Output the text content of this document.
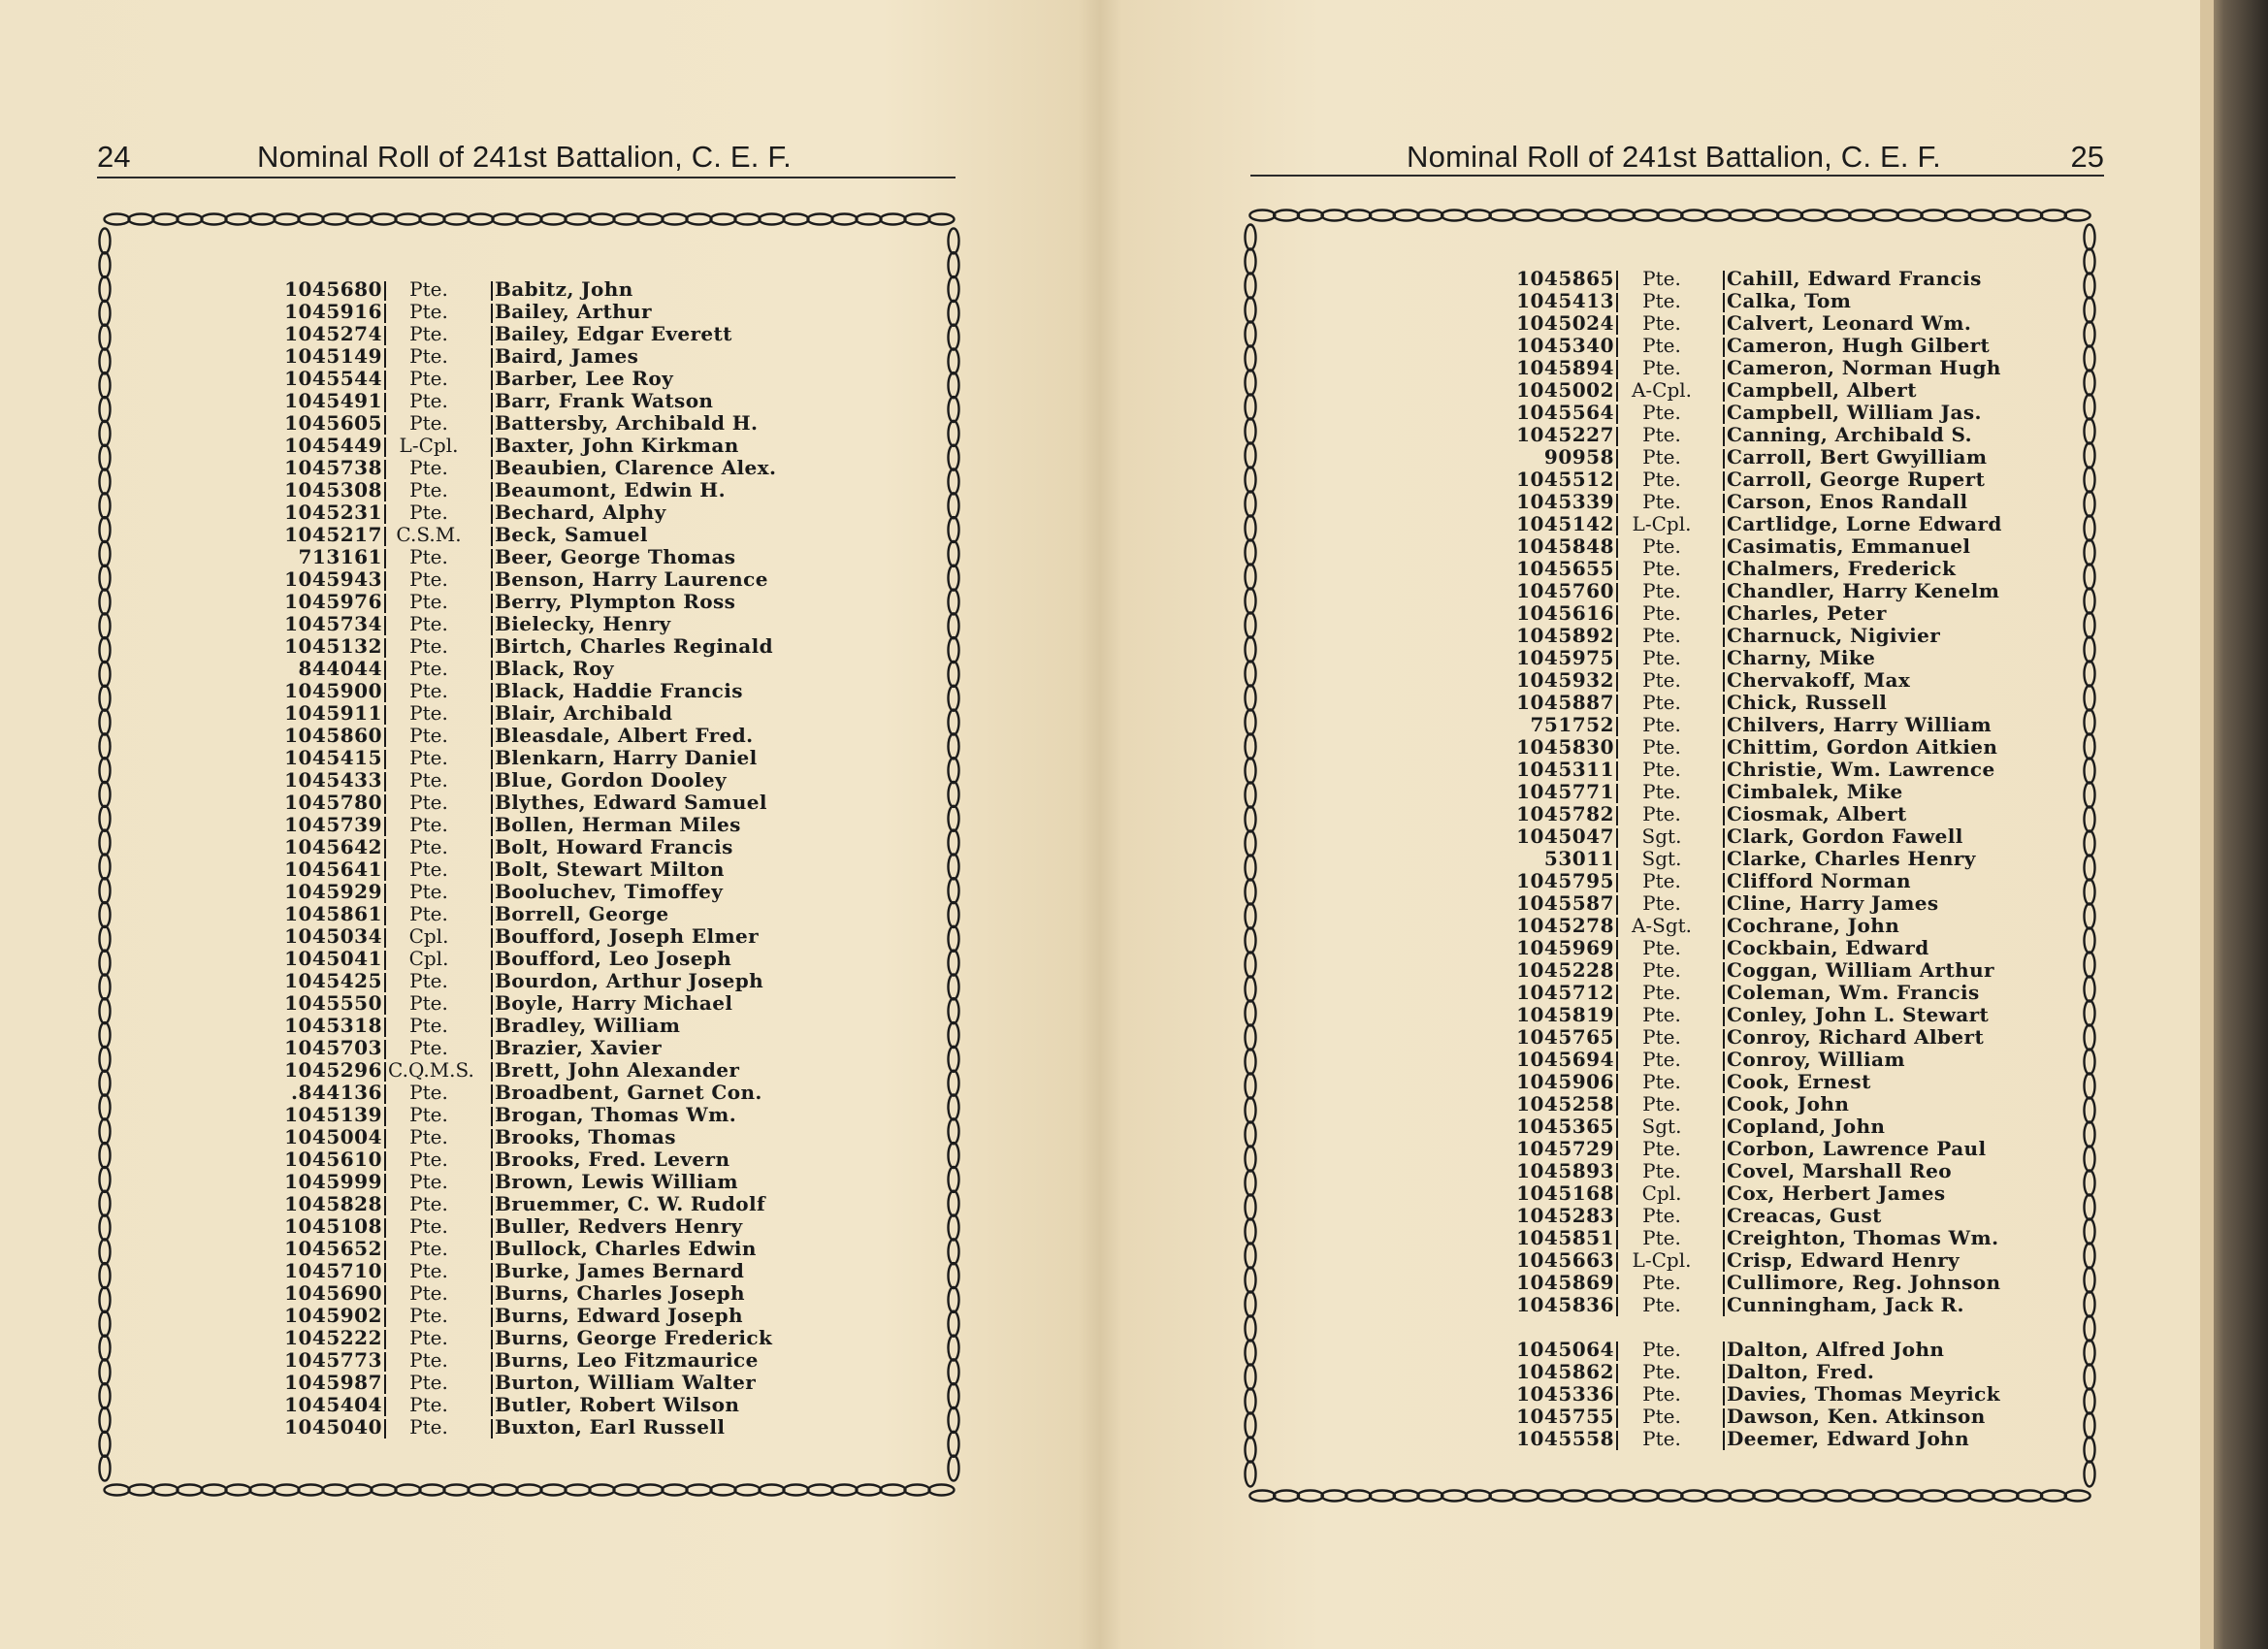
24	Nominal Roll of 241st Battalion, C. E. F.
1045680	Pte.	Babitz, John
1045916	Pte.	Bailey, Arthur
1045274	Pte.	Bailey, Edgar Everett
1045149	Pte.	Baird, James
1045544	Pte.	Barber, Lee Roy
1045491	Pte.	Barr, Frank Watson
1045605	Pte.	Battersby, Archibald H.
1045449 L-Cpl.	Baxter, John Kirkman
1045738	Pte.	Beaubien, Clarence Alex.
1045308	Pte.	Beaumont, Edwin H.
1045231	Pte.	Bechard, Alphy
1045217 C.S.M.	Beck, Samuel
713161	Pte.	Beer, George Thomas
1045943	Pte.	Benson, Harry Laurence
1045976	Pte.	Berry, Plympton Ross
1045734	Pte.	Bielecky, Henry
1045132	Pte.	Birtch, Charles Reginald
844044	Pte.	Black, Roy
1045900	Pte.	Black, Haddie Francis
1045911	Pte.	Blair, Archibald
1045860	Pte.	Bleasdale, Albert Fred.
1045415	Pte.	Blenkarn, Harry Daniel
1045433	Pte.	Blue, Gordon Dooley
1045780	Pte.	Blythes, Edward Samuel
1045739	Pte.	Bollen, Herman Miles
1045642	Pte.	Bolt, Howard Francis
1045641	Pte.	Bolt, Stewart Milton
1045929	Pte.	Booluchev, Timoffey
1045861	Pte.	Borrell, George
1045034	Cpl.	Boufford, Joseph Elmer
1045041	Cpl.	Boufford, Leo Joseph
1045425	Pte.	Bourdon, Arthur Joseph
1045550	Pte.	Boyle, Harry Michael
1045318	Pte.	Bradley, William
1045703	Pte.	Brazier, Xavier
1045296 C.Q.M.S. Brett, John Alexander
.844136	Pte.	Broadbent, Garnet Con.
1045139	Pte.	Brogan, Thomas Wm.
1045004	Pte.	Brooks, Thomas
1045610	Pte.	Brooks, Fred. Levern
1045999	Pte.	Brown, Lewis William
1045828	Pte.	Bruemmer, C. W. Rudolf
1045108	Pte.	Buller, Redvers Henry
1045652	Pte.	Bullock, Charles Edwin
1045710	Pte.	Burke, James Bernard
1045690	Pte.	Burns, Charles Joseph
1045902	Pte.	Burns, Edward Joseph
1045222	Pte.	Burns, George Frederick
1045773	Pte.	Burns, Leo Fitzmaurice
1045987	Pte.	Burton, William Walter
1045404	Pte.	Butler, Robert Wilson
1045040	Pte.	Buxton, Earl Russell
Nominal Roll of 241st Battalion, C. E. F.	25
1045865	Pte.	Cahill, Edward Francis
1045413	Pte.	Calka, Tom
1045024	Pte.	Calvert, Leonard Wm.
1045340	Pte.	Cameron, Hugh Gilbert
1045894	Pte.	Cameron, Norman Hugh
1045002 A-Cpl.	Campbell, Albert
1045564	Pte.	Campbell, William Jas.
1045227	Pte.	Canning, Archibald S.
90958	Pte.	Carroll, Bert Gwyilliam
1045512	Pte.	Carroll, George Rupert
1045339	Pte.	Carson, Enos Randall
1045142 L-Cpl.	Cartlidge, Lorne Edward
1045848	Pte.	Casimatis, Emmanuel
1045655	Pte.	Chalmers, Frederick
1045760	Pte.	Chandler, Harry Kenelm
1045616	Pte.	Charles, Peter
1045892	Pte.	Charnuck, Nigivier
1045975	Pte.	Charny, Mike
1045932	Pte.	Chervakoff, Max
1045887	Pte.	Chick, Russell
751752	Pte.	Chilvers, Harry William
1045830	Pte.	Chittim, Gordon Aitkien
1045311	Pte.	Christie, Wm. Lawrence
1045771	Pte.	Cimbalek, Mike
1045782	Pte.	Ciosmak, Albert
1045047	Sgt.	Clark, Gordon Fawell
53011	Sgt.	Clarke, Charles Henry
1045795	Pte.	Clifford Norman
1045587	Pte.	Cline, Harry James
1045278 A-Sgt.	Cochrane, John
1045969	Pte.	Cockbain, Edward
1045228	Pte.	Coggan, William Arthur
1045712	Pte.	Coleman, Wm. Francis
1045819	Pte.	Conley, John L. Stewart
1045765	Pte.	Conroy, Richard Albert
1045694	Pte.	Conroy, William
1045906	Pte.	Cook, Ernest
1045258	Pte.	Cook, John
1045365	Sgt.	Copland, John
1045729	Pte.	Corbon, Lawrence Paul
1045893	Pte.	Covel, Marshall Reo
1045168	Cpl.	Cox, Herbert James
1045283	Pte.	Creacas, Gust
1045851	Pte.	Creighton, Thomas Wm.
1045663 L-Cpl.	Crisp, Edward Henry
1045869	Pte.	Cullimore, Reg. Johnson
1045836	Pte.	Cunningham, Jack R.
1045064	Pte.	Dalton, Alfred John
1045862	Pte.	Dalton, Fred.
1045336	Pte.	Davies, Thomas Meyrick
1045755	Pte.	Dawson, Ken. Atkinson
1045558	Pte.	Deemer, Edward John
